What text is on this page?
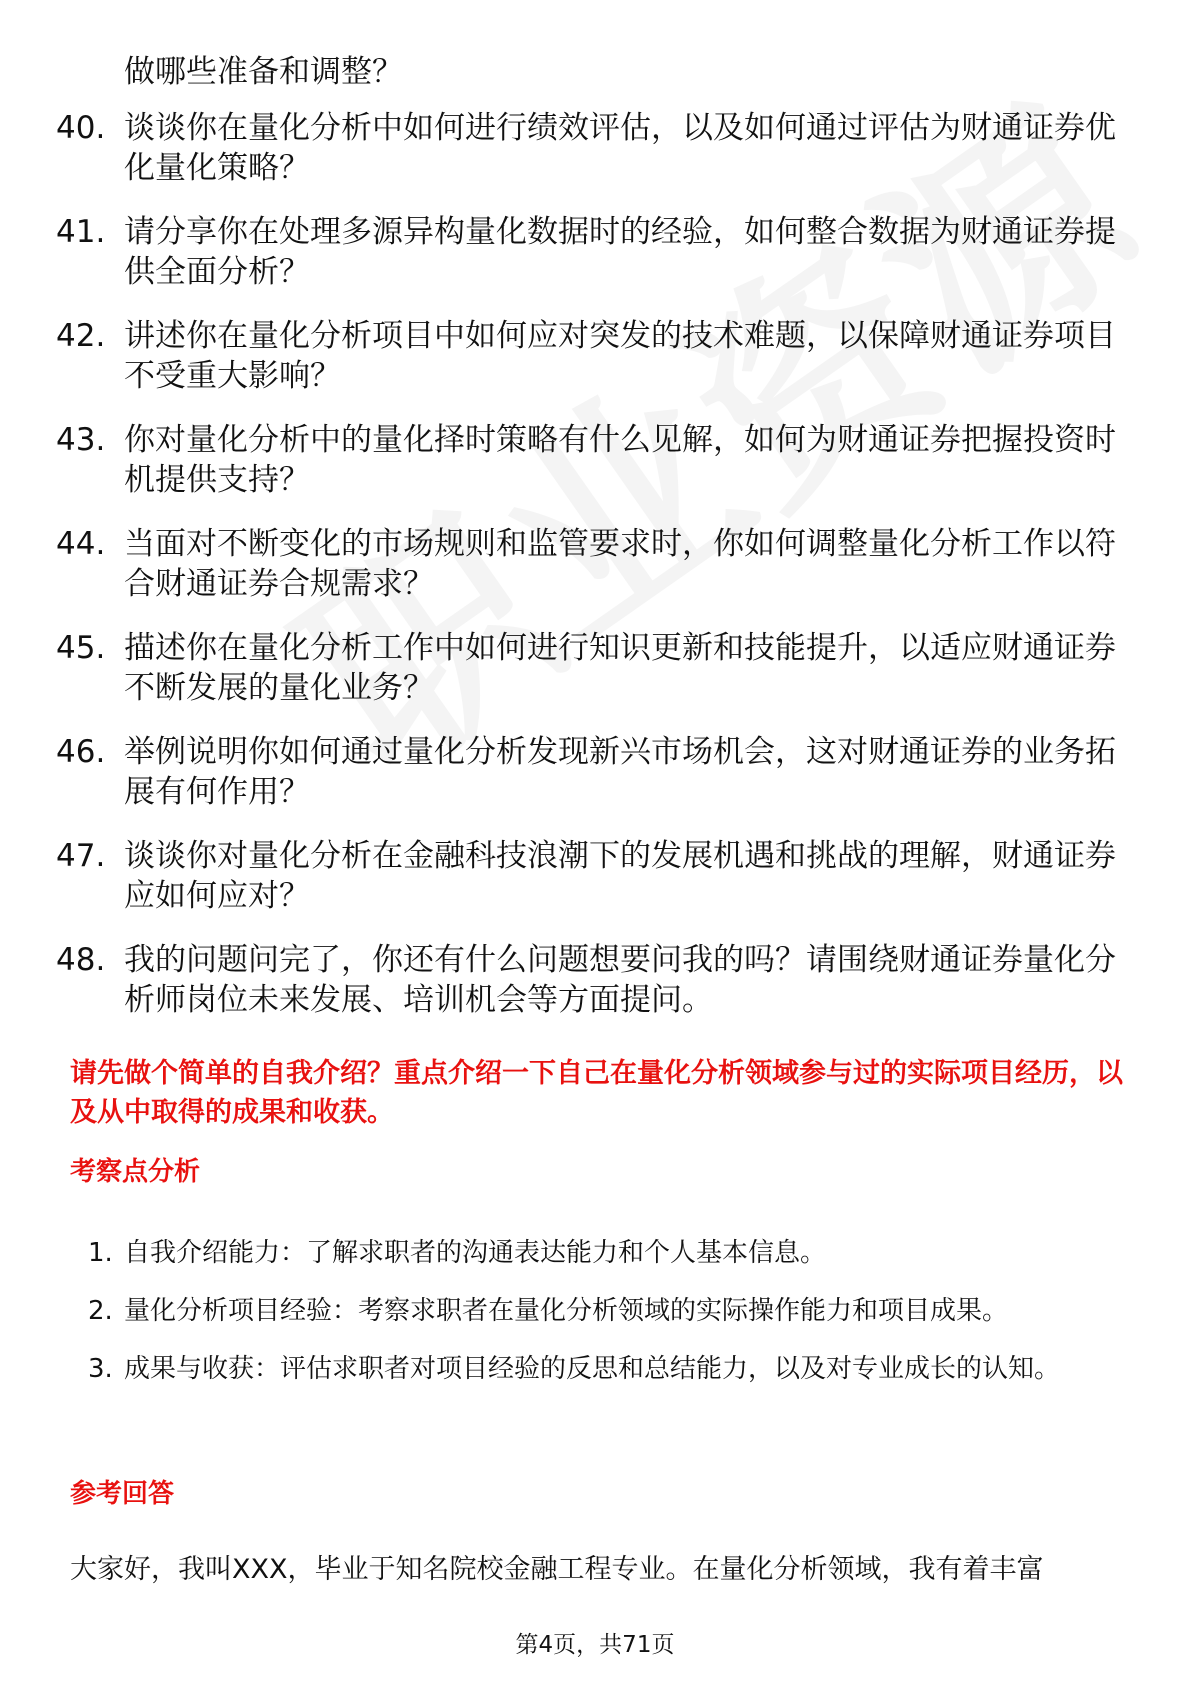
做哪些准备和调整？

40. 谈谈你在量化分析中如何进行绩效评估，以及如何通过评估为财通证券优化量化策略？
41. 请分享你在处理多源异构量化数据时的经验，如何整合数据为财通证券提供全面分析？
42. 讲述你在量化分析项目中如何应对突发的技术难题，以保障财通证券项目不受重大影响？
43. 你对量化分析中的量化择时策略有什么见解，如何为财通证券把握投资时机提供支持？
44. 当面对不断变化的市场规则和监管要求时，你如何调整量化分析工作以符合财通证券合规需求？
45. 描述你在量化分析工作中如何进行知识更新和技能提升，以适应财通证券不断发展的量化业务？
46. 举例说明你如何通过量化分析发现新兴市场机会，这对财通证券的业务拓展有何作用？
47. 谈谈你对量化分析在金融科技浪潮下的发展机遇和挑战的理解，财通证券应如何应对？
48. 我的问题问完了，你还有什么问题想要问我的吗？请围绕财通证券量化分析师岗位未来发展、培训机会等方面提问。

请先做个简单的自我介绍？重点介绍一下自己在量化分析领域参与过的实际项目经历，以及从中取得的成果和收获。

考察点分析
1. 自我介绍能力：了解求职者的沟通表达能力和个人基本信息。
2. 量化分析项目经验：考察求职者在量化分析领域的实际操作能力和项目成果。
3. 成果与收获：评估求职者对项目经验的反思和总结能力，以及对专业成长的认知。
参考回答

大家好，我叫XXX，毕业于知名院校金融工程专业。在量化分析领域，我有着丰富

第4页，共71页
